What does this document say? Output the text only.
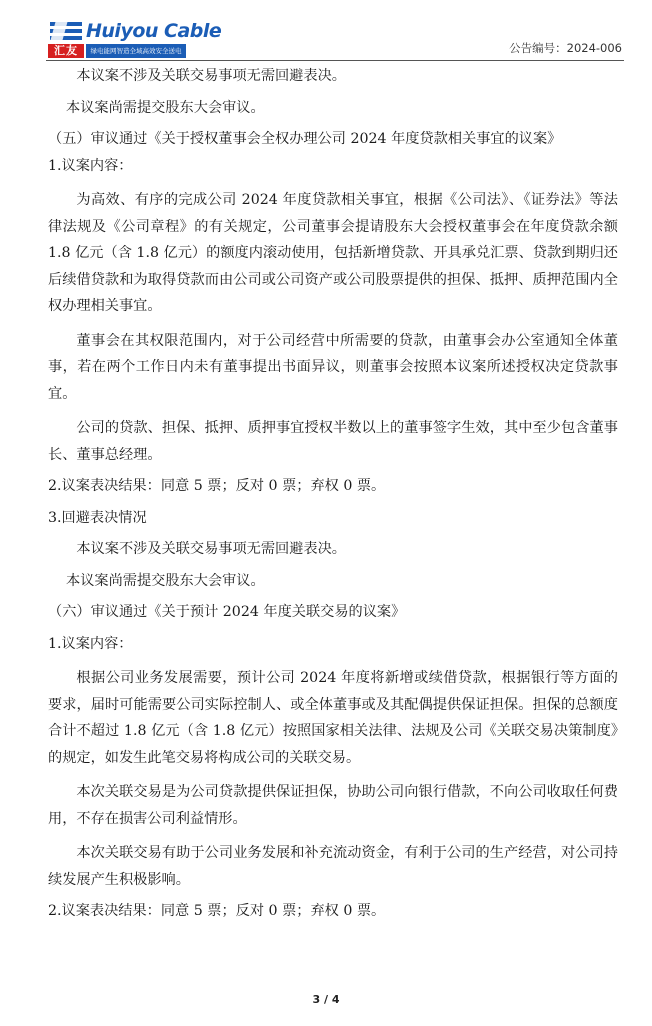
汇友
Huiyou Cable
绿电能网智造全域高效安全送电	公告编号：2024-006

本议案不涉及关联交易事项无需回避表决。

本议案尚需提交股东大会审议。

（五）审议通过《关于授权董事会全权办理公司 2024 年度贷款相关事宜的议案》

1.议案内容：

为高效、有序的完成公司 2024 年度贷款相关事宜，根据《公司法》、《证券法》等法律法规及《公司章程》的有关规定，公司董事会提请股东大会授权董事会在年度贷款余额 1.8 亿元（含 1.8 亿元）的额度内滚动使用，包括新增贷款、开具承兑汇票、贷款到期归还后续借贷款和为取得贷款而由公司或公司资产或公司股票提供的担保、抵押、质押范围内全权办理相关事宜。

董事会在其权限范围内，对于公司经营中所需要的贷款，由董事会办公室通知全体董事，若在两个工作日内未有董事提出书面异议，则董事会按照本议案所述授权决定贷款事宜。

公司的贷款、担保、抵押、质押事宜授权半数以上的董事签字生效，其中至少包含董事长、董事总经理。

2.议案表决结果：同意 5 票；反对 0 票；弃权 0 票。

3.回避表决情况

本议案不涉及关联交易事项无需回避表决。

本议案尚需提交股东大会审议。

（六）审议通过《关于预计 2024 年度关联交易的议案》

1.议案内容：

根据公司业务发展需要，预计公司 2024 年度将新增或续借贷款，根据银行等方面的要求，届时可能需要公司实际控制人、或全体董事或及其配偶提供保证担保。担保的总额度合计不超过 1.8 亿元（含 1.8 亿元）按照国家相关法律、法规及公司《关联交易决策制度》的规定，如发生此笔交易将构成公司的关联交易。

本次关联交易是为公司贷款提供保证担保，协助公司向银行借款，不向公司收取任何费用，不存在损害公司利益情形。

本次关联交易有助于公司业务发展和补充流动资金，有利于公司的生产经营，对公司持续发展产生积极影响。

2.议案表决结果：同意 5 票；反对 0 票；弃权 0 票。

3 / 4
